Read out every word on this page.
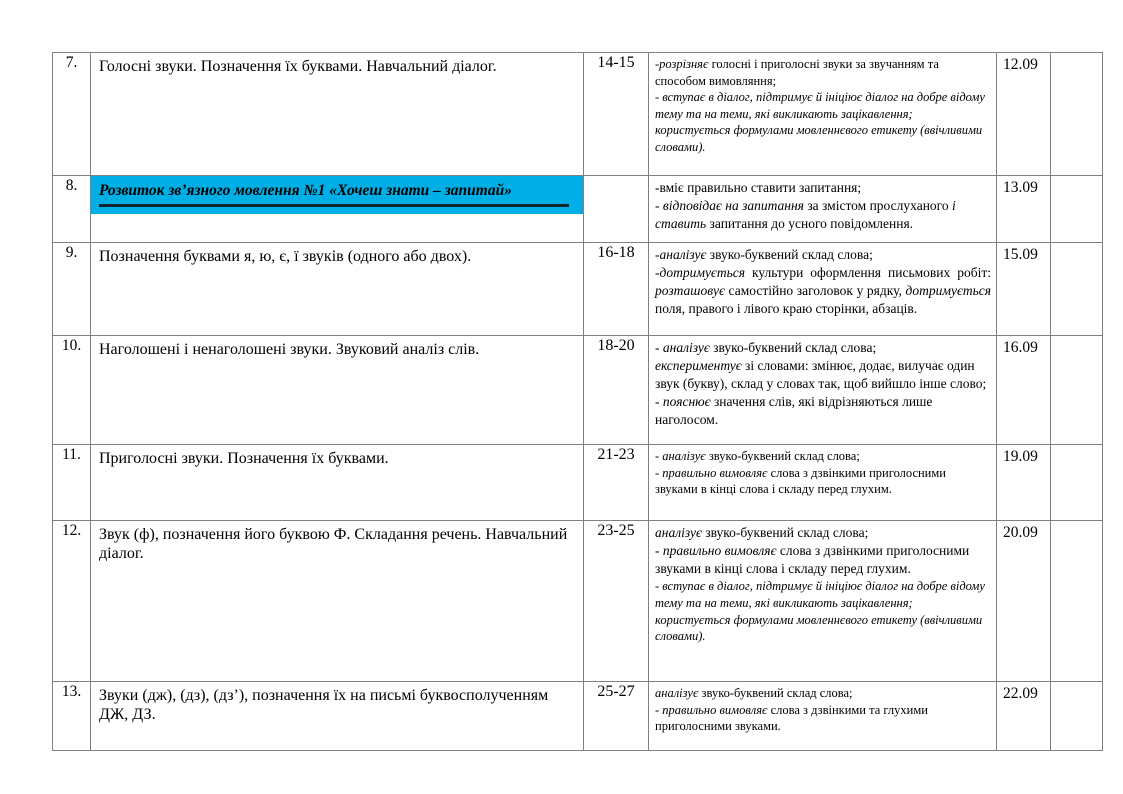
7.	Голосні звуки. Позначення їх буквами. Навчальний діалог.	14-15	-розрізняє голосні і приголосні звуки за звучанням та способом вимовляння;

- вступає в діалог, підтримує й ініціює діалог на добре відому тему та на теми, які викликають зацікавлення;

користується формулами мовленнєвого етикету (ввічливими словами).	12.09	

8.	Розвиток зв’язного мовлення №1 «Хочеш знати – запитай»		-вміє правильно ставити запитання;

- відповідає на запитання за змістом прослуханого і ставить запитання до усного повідомлення.	13.09	

9.	Позначення буквами я, ю, є, ї звуків (одного або двох).	16-18	-аналізує звуко-буквений склад слова;

-дотримується культури оформлення письмових робіт: розташовує самостійно заголовок у рядку, дотримується поля, правого і лівого краю сторінки, абзаців.	15.09	

10.	Наголошені і ненаголошені звуки. Звуковий аналіз слів.	18-20	- аналізує звуко-буквений склад слова;

експериментує зі словами: змінює, додає, вилучає один звук (букву), склад у словах так, щоб вийшло інше слово;

- пояснює значення слів, які відрізняються лише наголосом.	16.09	

11.	Приголосні звуки. Позначення їх буквами.	21-23	- аналізує звуко-буквений склад слова;

- правильно вимовляє слова з дзвінкими приголосними звуками в кінці слова і складу перед глухим.	19.09	

12.	Звук (ф), позначення його буквою Ф. Складання речень. Навчальний діалог.	23-25	аналізує звуко-буквений склад слова;

- правильно вимовляє слова з дзвінкими приголосними звуками в кінці слова і складу перед глухим.

- вступає в діалог, підтримує й ініціює діалог на добре відому тему та на теми, які викликають зацікавлення;

користується формулами мовленнєвого етикету (ввічливими словами).	20.09	

13.	Звуки (дж), (дз), (дз’), позначення їх на письмі буквосполученням ДЖ, ДЗ.	25-27	аналізує звуко-буквений склад слова;

- правильно вимовляє слова з дзвінкими та глухими приголосними звуками.	22.09	
